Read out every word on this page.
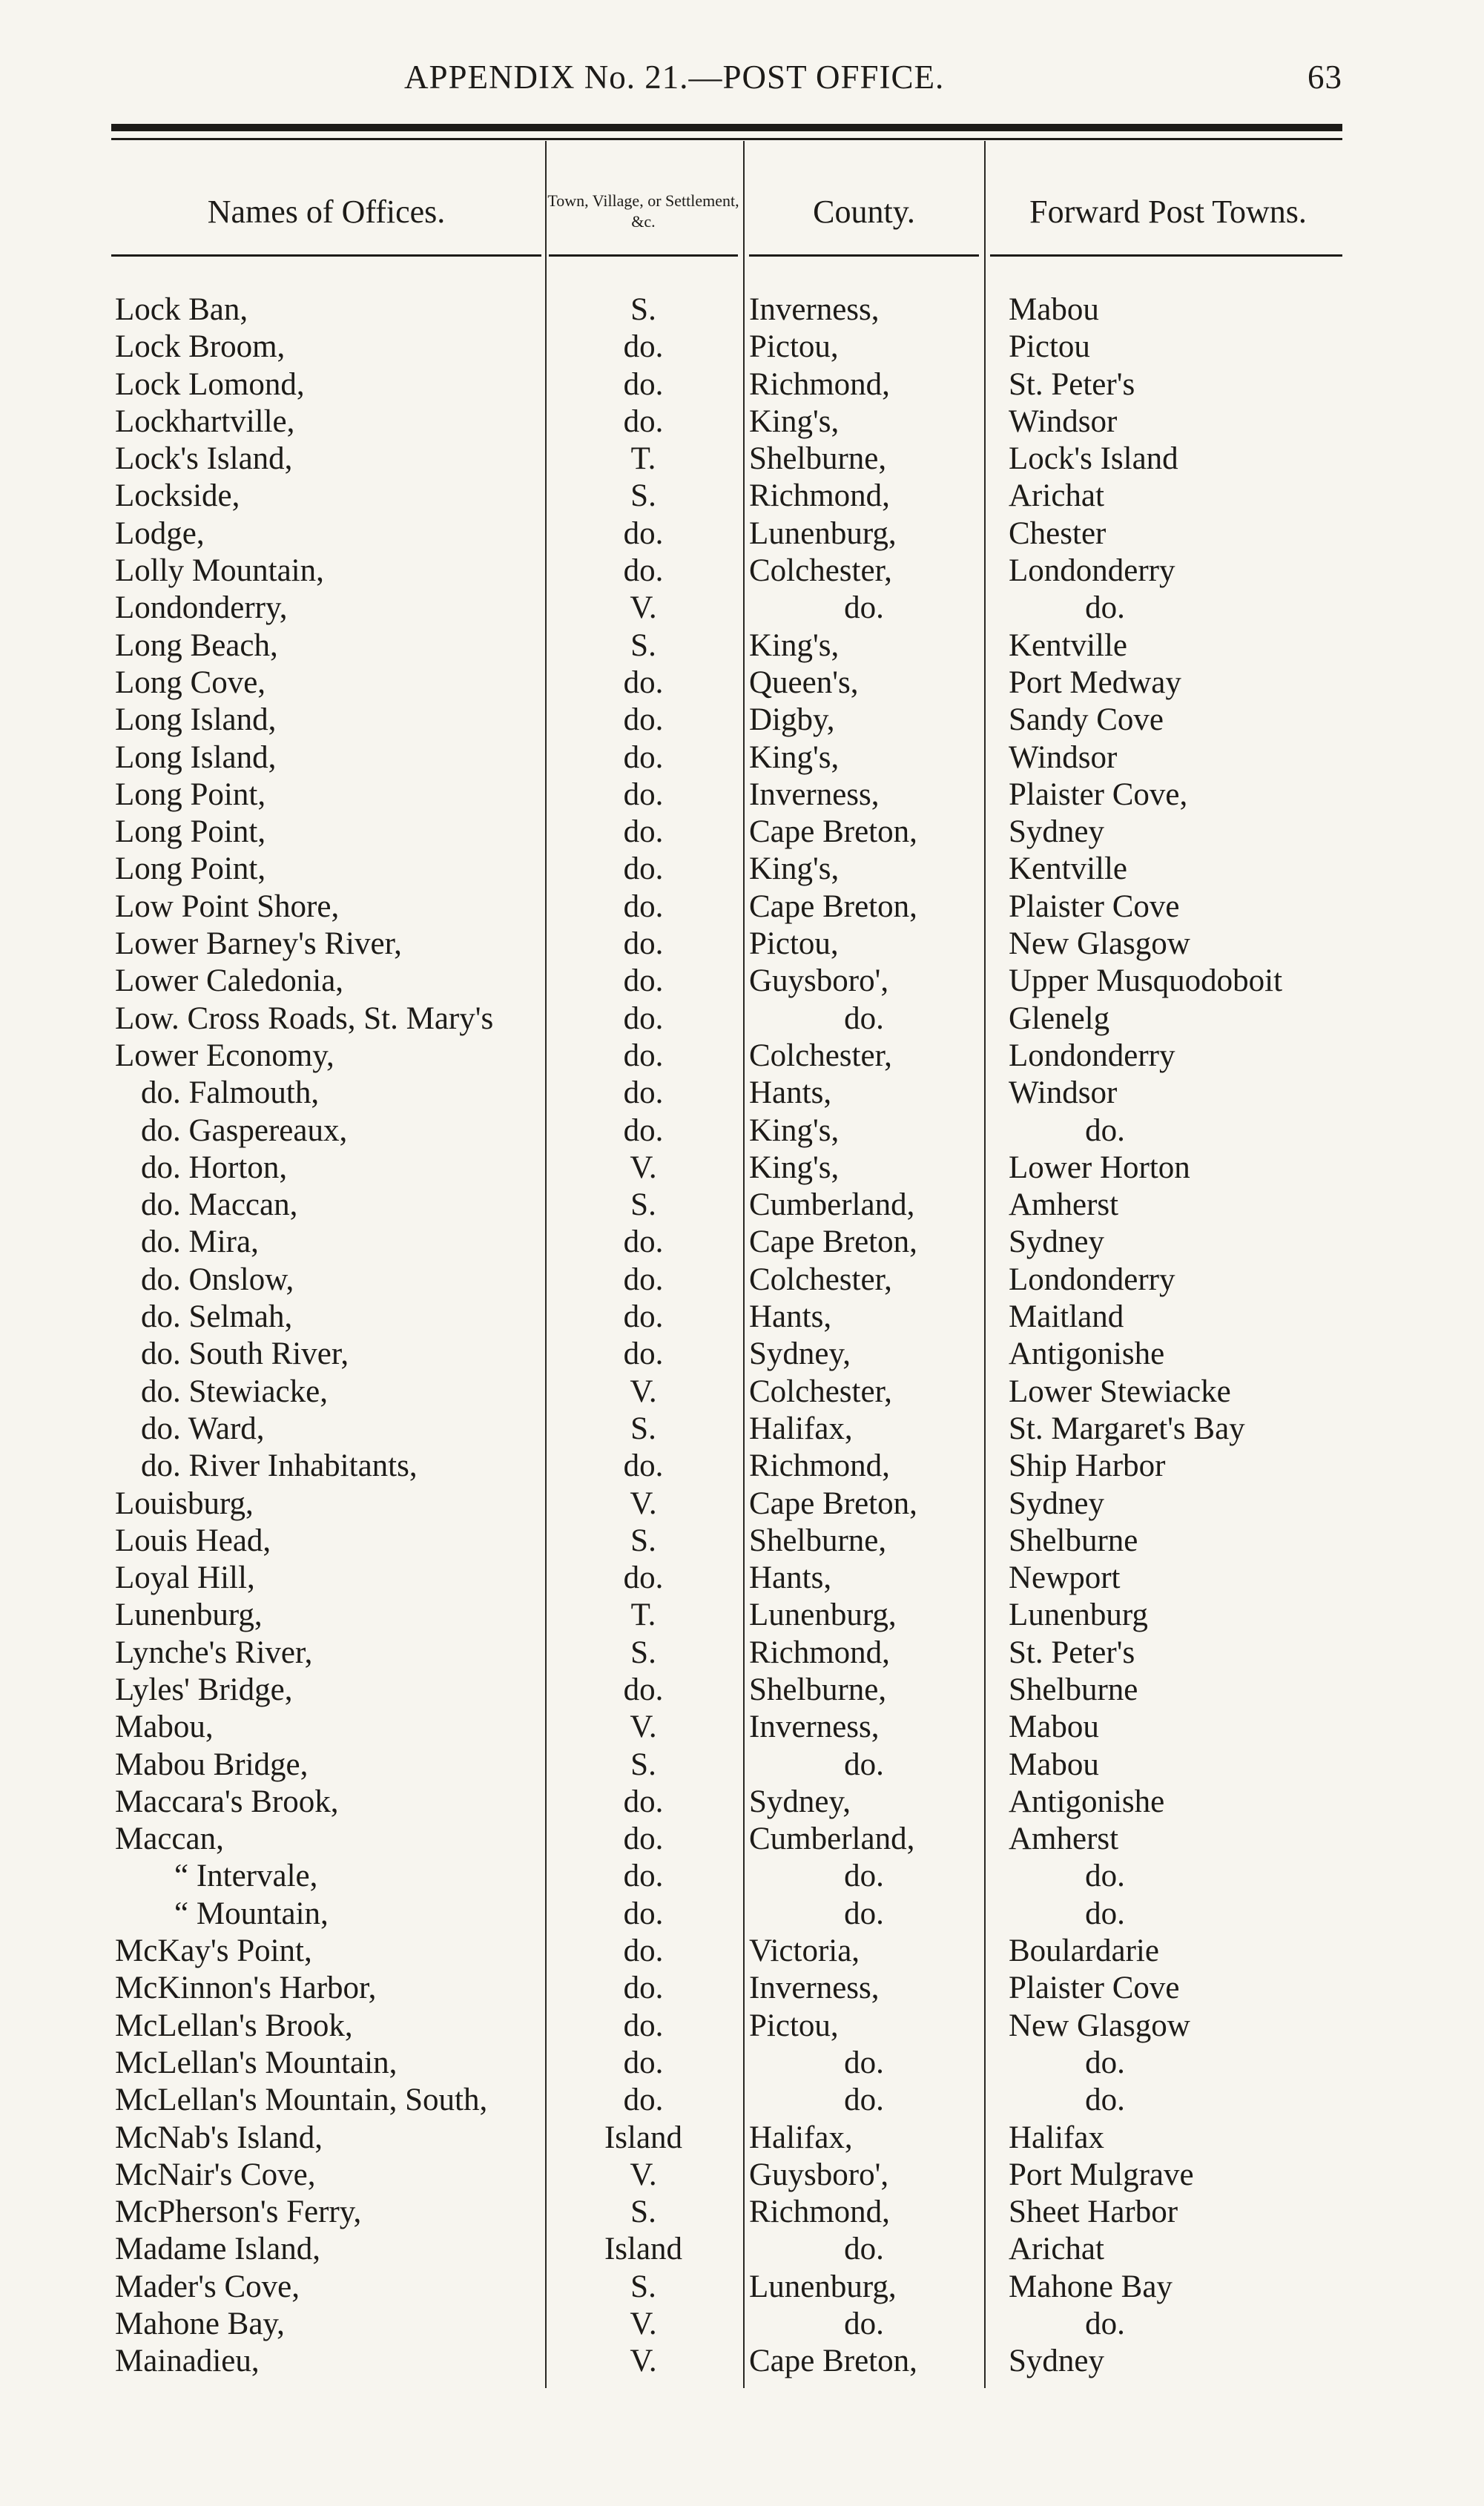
APPENDIX No. 21.—POST OFFICE.	63
Names of Offices.	Town, Village, or Settlement, &c.	County.	Forward Post Towns.
Lock Ban,	S.	Inverness,	Mabou
Lock Broom,	do.	Pictou,	Pictou
Lock Lomond,	do.	Richmond,	St. Peter's
Lockhartville,	do.	King's,	Windsor
Lock's Island,	T.	Shelburne,	Lock's Island
Lockside,	S.	Richmond,	Arichat
Lodge,	do.	Lunenburg,	Chester
Lolly Mountain,	do.	Colchester,	Londonderry
Londonderry,	V.	do.	do.
Long Beach,	S.	King's,	Kentville
Long Cove,	do.	Queen's,	Port Medway
Long Island,	do.	Digby,	Sandy Cove
Long Island,	do.	King's,	Windsor
Long Point,	do.	Inverness,	Plaister Cove,
Long Point,	do.	Cape Breton,	Sydney
Long Point,	do.	King's,	Kentville
Low Point Shore,	do.	Cape Breton,	Plaister Cove
Lower Barney's River,	do.	Pictou,	New Glasgow
Lower Caledonia,	do.	Guysboro',	Upper Musquodoboit
Low. Cross Roads, St. Mary's	do.	do.	Glenelg
Lower Economy,	do.	Colchester,	Londonderry
do. Falmouth,	do.	Hants,	Windsor
do. Gaspereaux,	do.	King's,	do.
do. Horton,	V.	King's,	Lower Horton
do. Maccan,	S.	Cumberland,	Amherst
do. Mira,	do.	Cape Breton,	Sydney
do. Onslow,	do.	Colchester,	Londonderry
do. Selmah,	do.	Hants,	Maitland
do. South River,	do.	Sydney,	Antigonishe
do. Stewiacke,	V.	Colchester,	Lower Stewiacke
do. Ward,	S.	Halifax,	St. Margaret's Bay
do. River Inhabitants,	do.	Richmond,	Ship Harbor
Louisburg,	V.	Cape Breton,	Sydney
Louis Head,	S.	Shelburne,	Shelburne
Loyal Hill,	do.	Hants,	Newport
Lunenburg,	T.	Lunenburg,	Lunenburg
Lynche's River,	S.	Richmond,	St. Peter's
Lyles' Bridge,	do.	Shelburne,	Shelburne
Mabou,	V.	Inverness,	Mabou
Mabou Bridge,	S.	do.	Mabou
Maccara's Brook,	do.	Sydney,	Antigonishe
Maccan,	do.	Cumberland,	Amherst
“ Intervale,	do.	do.	do.
“ Mountain,	do.	do.	do.
McKay's Point,	do.	Victoria,	Boulardarie
McKinnon's Harbor,	do.	Inverness,	Plaister Cove
McLellan's Brook,	do.	Pictou,	New Glasgow
McLellan's Mountain,	do.	do.	do.
McLellan's Mountain, South,	do.	do.	do.
McNab's Island,	Island	Halifax,	Halifax
McNair's Cove,	V.	Guysboro',	Port Mulgrave
McPherson's Ferry,	S.	Richmond,	Sheet Harbor
Madame Island,	Island	do.	Arichat
Mader's Cove,	S.	Lunenburg,	Mahone Bay
Mahone Bay,	V.	do.	do.
Mainadieu,	V.	Cape Breton,	Sydney
